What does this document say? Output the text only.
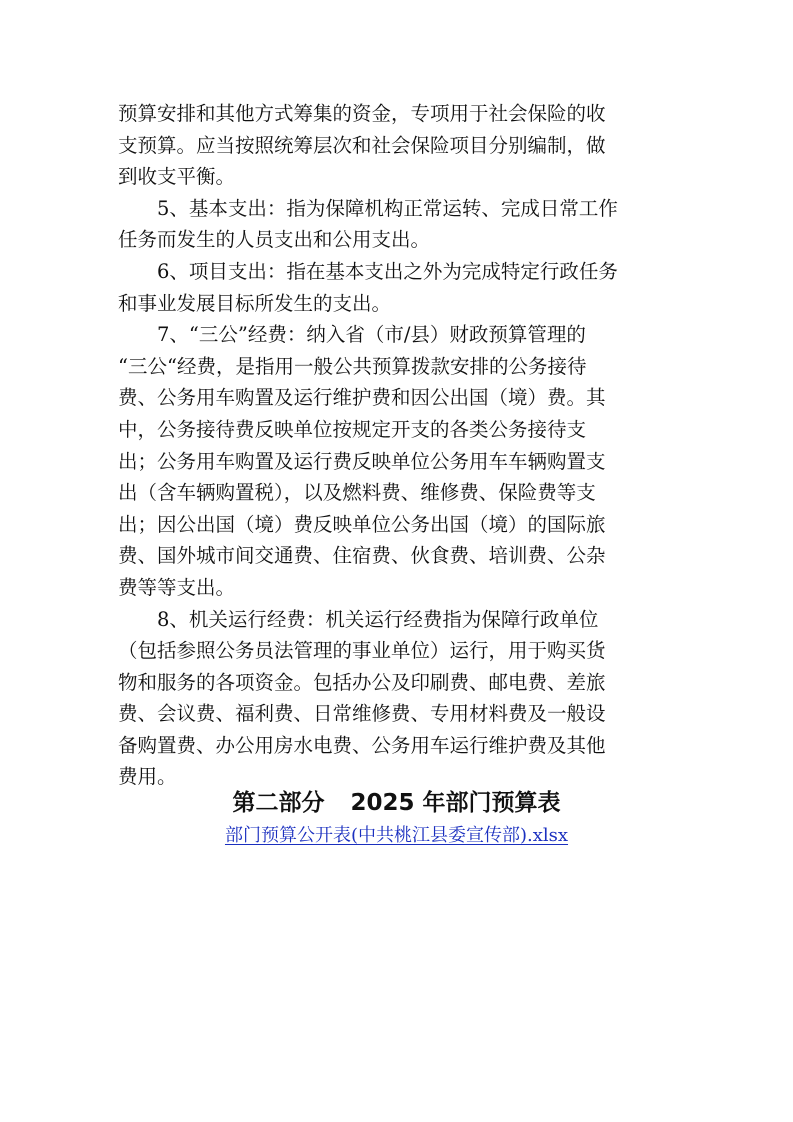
预算安排和其他方式筹集的资金，专项用于社会保险的收
支预算。应当按照统筹层次和社会保险项目分别编制，做
到收支平衡。
5、基本支出：指为保障机构正常运转、完成日常工作
任务而发生的人员支出和公用支出。
6、项目支出：指在基本支出之外为完成特定行政任务
和事业发展目标所发生的支出。
7、“三公”经费：纳入省（市/县）财政预算管理的
“三公“经费，是指用一般公共预算拨款安排的公务接待
费、公务用车购置及运行维护费和因公出国（境）费。其
中，公务接待费反映单位按规定开支的各类公务接待支
出；公务用车购置及运行费反映单位公务用车车辆购置支
出（含车辆购置税），以及燃料费、维修费、保险费等支
出；因公出国（境）费反映单位公务出国（境）的国际旅
费、国外城市间交通费、住宿费、伙食费、培训费、公杂
费等等支出。
8、机关运行经费：机关运行经费指为保障行政单位
（包括参照公务员法管理的事业单位）运行，用于购买货
物和服务的各项资金。包括办公及印刷费、邮电费、差旅
费、会议费、福利费、日常维修费、专用材料费及一般设
备购置费、办公用房水电费、公务用车运行维护费及其他
费用。
第二部分 2025 年部门预算表
部门预算公开表(中共桃江县委宣传部).xlsx
